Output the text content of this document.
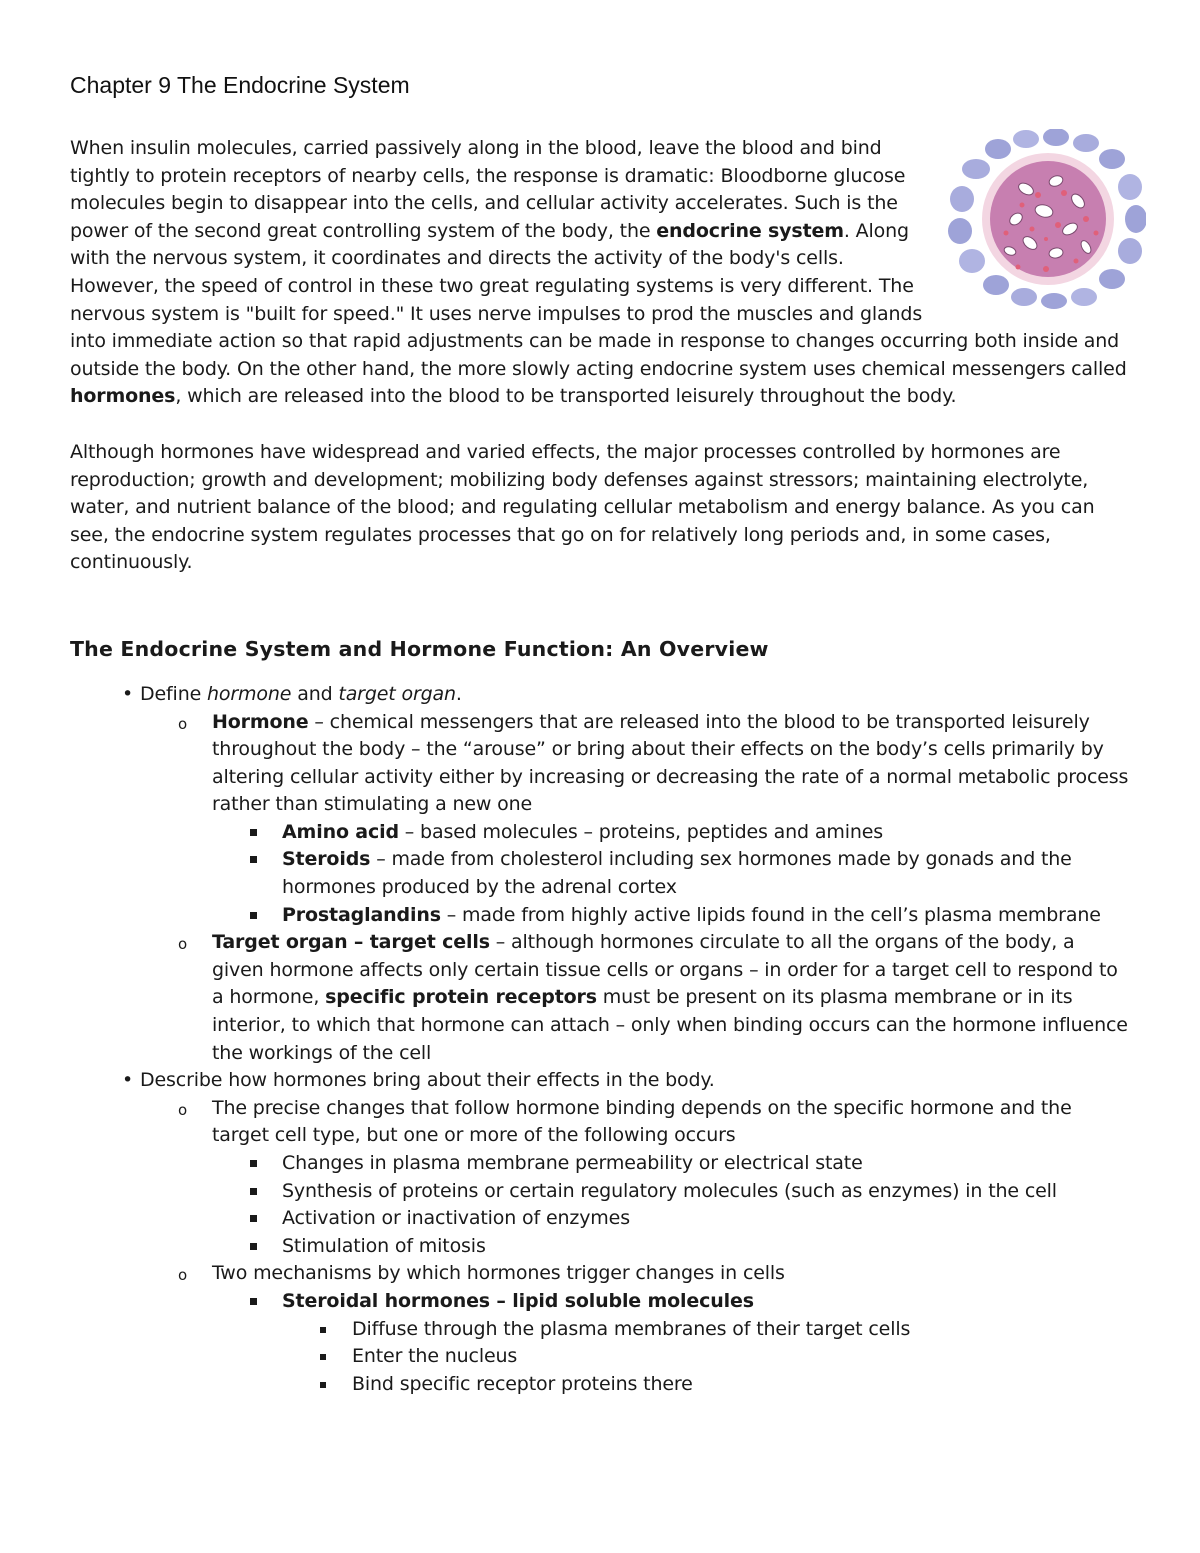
Chapter 9 The Endocrine System

When insulin molecules, carried passively along in the blood, leave the blood and bind tightly to protein receptors of nearby cells, the response is dramatic: Bloodborne glucose molecules begin to disappear into the cells, and cellular activity accelerates. Such is the power of the second great controlling system of the body, the endocrine system. Along with the nervous system, it coordinates and directs the activity of the body's cells. However, the speed of control in these two great regulating systems is very different. The nervous system is "built for speed." It uses nerve impulses to prod the muscles and glands into immediate action so that rapid adjustments can be made in response to changes occurring both inside and outside the body. On the other hand, the more slowly acting endocrine system uses chemical messengers called hormones, which are released into the blood to be transported leisurely throughout the body.

Although hormones have widespread and varied effects, the major processes controlled by hormones are reproduction; growth and development; mobilizing body defenses against stressors; maintaining electrolyte, water, and nutrient balance of the blood; and regulating cellular metabolism and energy balance. As you can see, the endocrine system regulates processes that go on for relatively long periods and, in some cases, continuously.

The Endocrine System and Hormone Function: An Overview
• Define hormone and target organ.
o Hormone – chemical messengers that are released into the blood to be transported leisurely throughout the body – the “arouse” or bring about their effects on the body’s cells primarily by altering cellular activity either by increasing or decreasing the rate of a normal metabolic process rather than stimulating a new one
Amino acid – based molecules – proteins, peptides and amines
Steroids – made from cholesterol including sex hormones made by gonads and the hormones produced by the adrenal cortex
Prostaglandins – made from highly active lipids found in the cell’s plasma membrane
o Target organ – target cells – although hormones circulate to all the organs of the body, a given hormone affects only certain tissue cells or organs – in order for a target cell to respond to a hormone, specific protein receptors must be present on its plasma membrane or in its interior, to which that hormone can attach – only when binding occurs can the hormone influence the workings of the cell
• Describe how hormones bring about their effects in the body.
o The precise changes that follow hormone binding depends on the specific hormone and the target cell type, but one or more of the following occurs
Changes in plasma membrane permeability or electrical state
Synthesis of proteins or certain regulatory molecules (such as enzymes) in the cell
Activation or inactivation of enzymes
Stimulation of mitosis
o Two mechanisms by which hormones trigger changes in cells
Steroidal hormones – lipid soluble molecules
Diffuse through the plasma membranes of their target cells
Enter the nucleus
Bind specific receptor proteins there
